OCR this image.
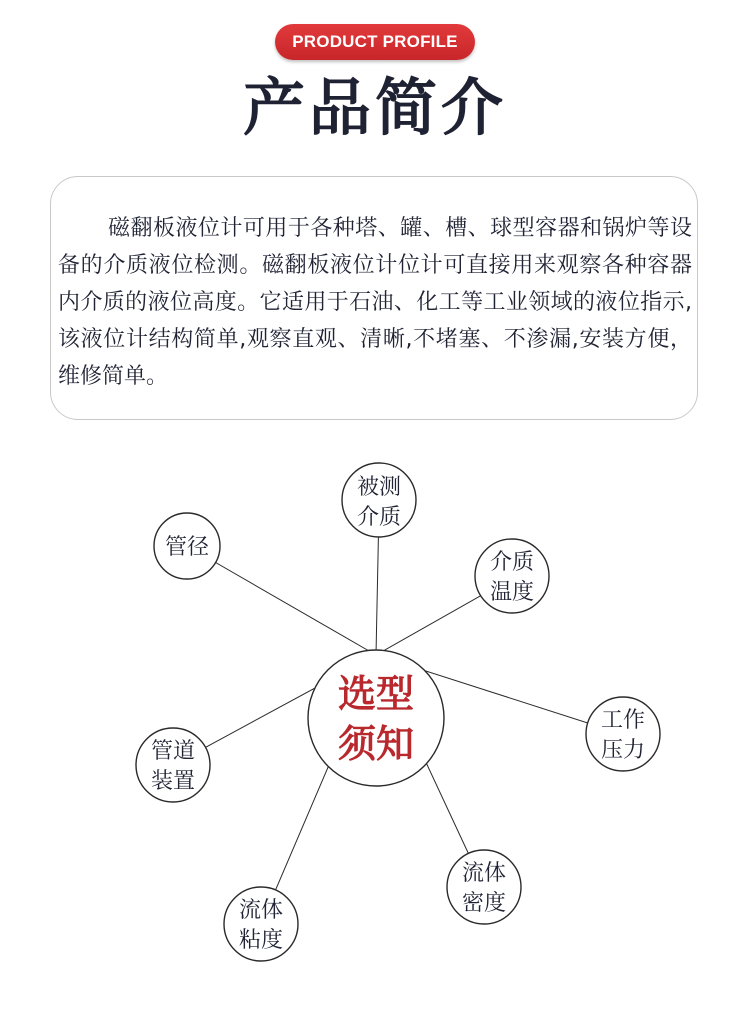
PRODUCT PROFILE
产品简介

磁翻板液位计可用于各种塔、罐、槽、球型容器和锅炉等设备的介质液位检测。磁翻板液位计位计可直接用来观察各种容器内介质的液位高度。它适用于石油、化工等工业领域的液位指示,该液位计结构简单,观察直观、清晰,不堵塞、不渗漏,安装方便，维修简单。

选型
须知
被测
介质
介质
温度
工作
压力
流体
密度
流体
粘度
管道
装置
管径
